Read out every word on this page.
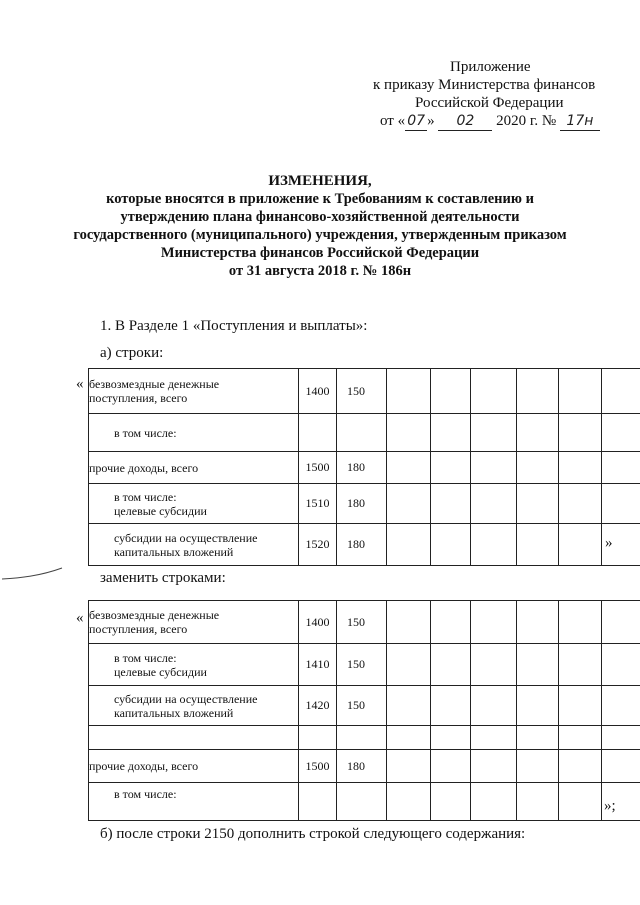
Приложение
к приказу Министерства финансов
Российской Федерации
от « 07 » 02 2020 г. № 17н
ИЗМЕНЕНИЯ,
которые вносятся в приложение к Требованиям к составлению и
утверждению плана финансово-хозяйственной деятельности
государственного (муниципального) учреждения, утвержденным приказом
Министерства финансов Российской Федерации
от 31 августа 2018 г. № 186н
1. В Разделе 1 «Поступления и выплаты»:
а) строки:
« безвозмездные денежные
поступления, всего	1400	150						
в том числе:								
прочие доходы, всего	1500	180						
в том числе:
целевые субсидии	1510	180						
субсидии на осуществление
капитальных вложений	1520	180							»
заменить строками:
« безвозмездные денежные
поступления, всего	1400	150						
в том числе:
целевые субсидии	1410	150						
субсидии на осуществление
капитальных вложений	1420	150						

прочие доходы, всего	1500	180						
в том числе:								
»;
б) после строки 2150 дополнить строкой следующего содержания:
